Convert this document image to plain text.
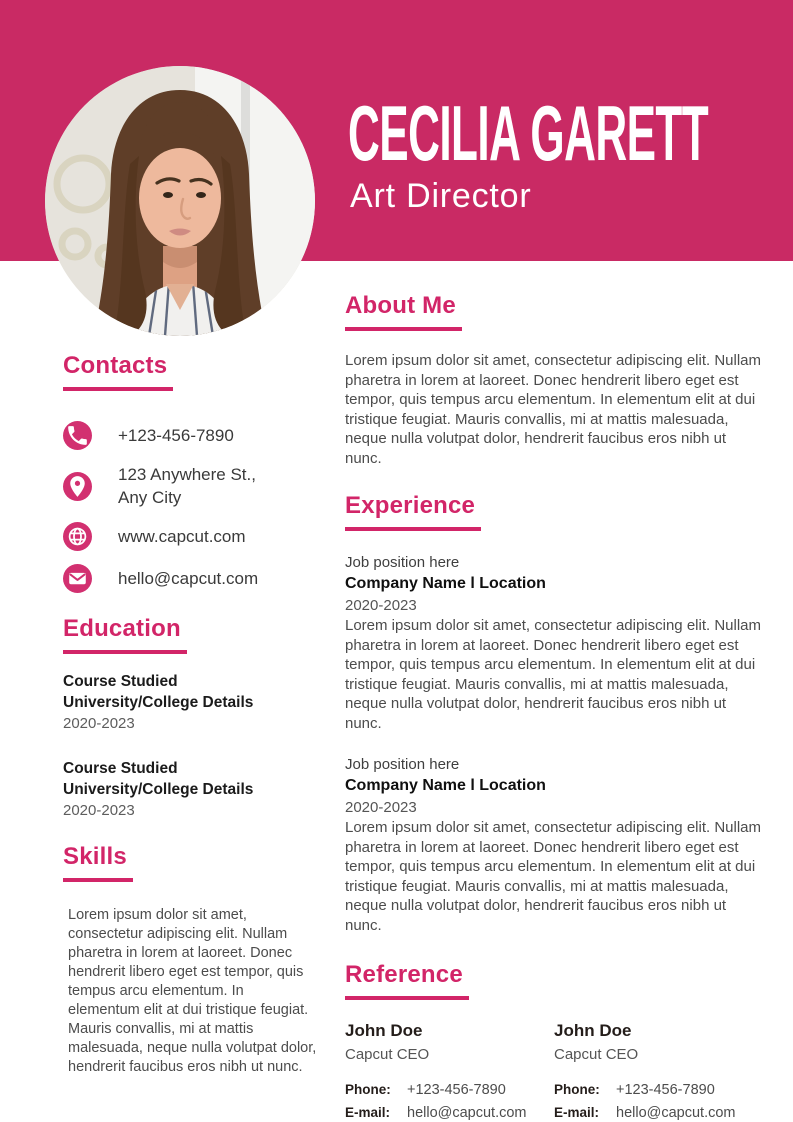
CECILIA GARETT
Art Director
Contacts
+123-456-7890
123 Anywhere St.,
Any City
www.capcut.com
hello@capcut.com
Education
Course Studied
University/College Details
2020-2023
Course Studied
University/College Details
2020-2023
Skills
Lorem ipsum dolor sit amet, consectetur adipiscing elit. Nullam pharetra in lorem at laoreet. Donec hendrerit libero eget est tempor, quis tempus arcu elementum. In elementum elit at dui tristique feugiat. Mauris convallis, mi at mattis malesuada, neque nulla volutpat dolor, hendrerit faucibus eros nibh ut nunc.
About Me
Lorem ipsum dolor sit amet, consectetur adipiscing elit. Nullam pharetra in lorem at laoreet. Donec hendrerit libero eget est tempor, quis tempus arcu elementum. In elementum elit at dui tristique feugiat. Mauris convallis, mi at mattis malesuada, neque nulla volutpat dolor, hendrerit faucibus eros nibh ut nunc.
Experience
Job position here
Company Name l Location
2020-2023
Lorem ipsum dolor sit amet, consectetur adipiscing elit. Nullam pharetra in lorem at laoreet. Donec hendrerit libero eget est tempor, quis tempus arcu elementum. In elementum elit at dui tristique feugiat. Mauris convallis, mi at mattis malesuada, neque nulla volutpat dolor, hendrerit faucibus eros nibh ut nunc.
Job position here
Company Name l Location
2020-2023
Lorem ipsum dolor sit amet, consectetur adipiscing elit. Nullam pharetra in lorem at laoreet. Donec hendrerit libero eget est tempor, quis tempus arcu elementum. In elementum elit at dui tristique feugiat. Mauris convallis, mi at mattis malesuada, neque nulla volutpat dolor, hendrerit faucibus eros nibh ut nunc.
Reference
John Doe
Capcut CEO
Phone:	+123-456-7890
E-mail:	hello@capcut.com
John Doe
Capcut CEO
Phone:	+123-456-7890
E-mail:	hello@capcut.com
